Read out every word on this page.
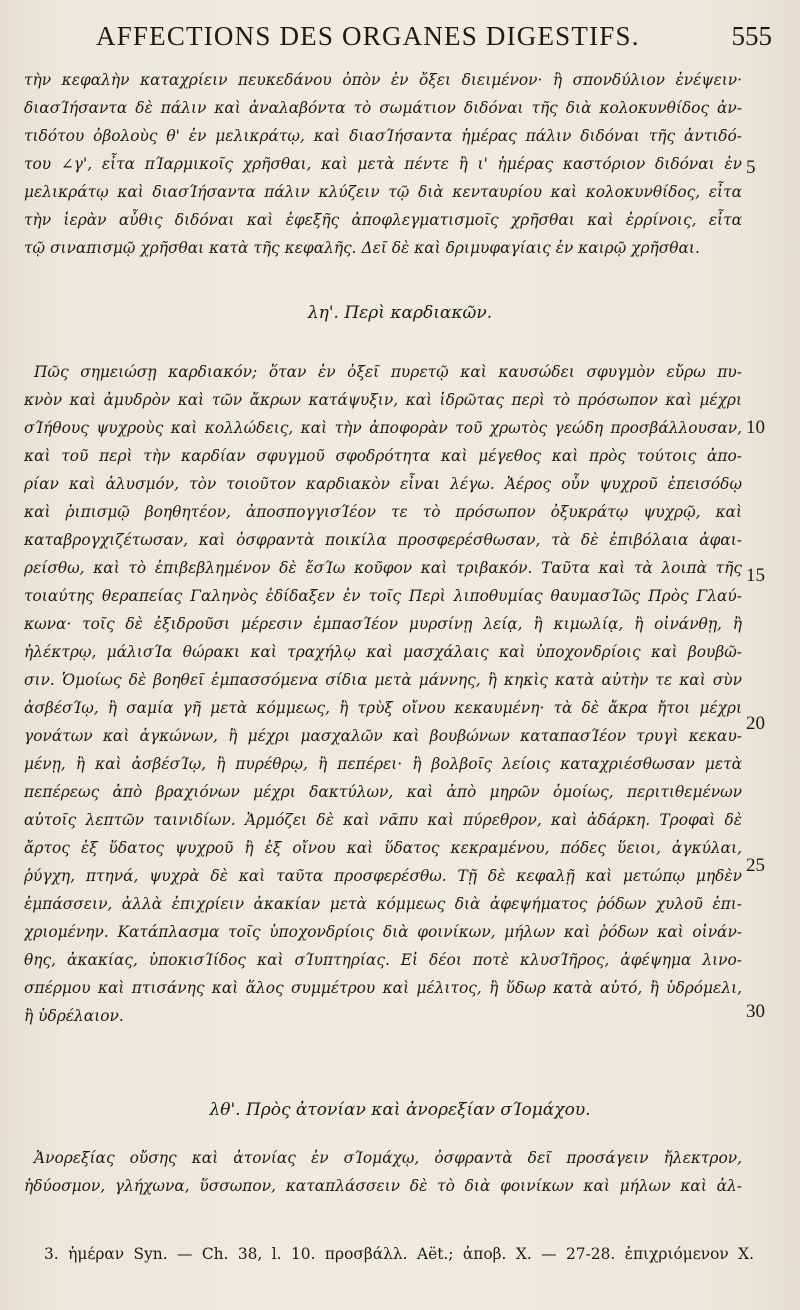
AFFECTIONS DES ORGANES DIGESTIFS.	555
τὴν κεφαλὴν καταχρίειν πευκεδάνου ὀπὸν ἐν ὄξει διειμένον· ἢ σπονδύλιον ἐνέψειν·
διασΊήσαντα δὲ πάλιν καὶ ἀναλαβόντα τὸ σωμάτιον διδόναι τῆς διὰ κολοκυνθίδος ἀν-
τιδότου ὀβολοὺς θ' ἐν μελικράτῳ, καὶ διασΊήσαντα ἡμέρας πάλιν διδόναι τῆς ἀντιδό-
του ∠γ', εἶτα πΊαρμικοῖς χρῆσθαι, καὶ μετὰ πέντε ἢ ι' ἡμέρας καστόριον διδόναι ἐν
μελικράτῳ καὶ διασΊήσαντα πάλιν κλύζειν τῷ διὰ κενταυρίου καὶ κολοκυνθίδος, εἶτα
τὴν ἱερὰν αὖθις διδόναι καὶ ἐφεξῆς ἀποφλεγματισμοῖς χρῆσθαι καὶ ἐρρίνοις, εἶτα
τῷ σιναπισμῷ χρῆσθαι κατὰ τῆς κεφαλῆς. Δεῖ δὲ καὶ δριμυφαγίαις ἐν καιρῷ χρῆσθαι.
λη'. Περὶ καρδιακῶν.
Πῶς σημειώσῃ καρδιακόν; ὅταν ἐν ὀξεῖ πυρετῷ καὶ καυσώδει σφυγμὸν εὔρω πυ-
κνὸν καὶ ἀμυδρὸν καὶ τῶν ἄκρων κατάψυξιν, καὶ ἱδρῶτας περὶ τὸ πρόσωπον καὶ μέχρι
σΊήθους ψυχροὺς καὶ κολλώδεις, καὶ τὴν ἀποφορὰν τοῦ χρωτὸς γεώδη προσβάλλουσαν,
καὶ τοῦ περὶ τὴν καρδίαν σφυγμοῦ σφοδρότητα καὶ μέγεθος καὶ πρὸς τούτοις ἀπο-
ρίαν καὶ ἀλυσμόν, τὸν τοιοῦτον καρδιακὸν εἶναι λέγω. Ἀέρος οὖν ψυχροῦ ἐπεισόδῳ
καὶ ῥιπισμῷ βοηθητέον, ἀποσπογγισΊέον τε τὸ πρόσωπον ὀξυκράτῳ ψυχρῷ, καὶ
καταβρογχιζέτωσαν, καὶ ὀσφραντὰ ποικίλα προσφερέσθωσαν, τὰ δὲ ἐπιβόλαια ἀφαι-
ρείσθω, καὶ τὸ ἐπιβεβλημένον δὲ ἔσΊω κοῦφον καὶ τριβακόν. Ταῦτα καὶ τὰ λοιπὰ τῆς
τοιαύτης θεραπείας Γαληνὸς ἐδίδαξεν ἐν τοῖς Περὶ λιποθυμίας θαυμασΊῶς Πρὸς Γλαύ-
κωνα· τοῖς δὲ ἐξιδροῦσι μέρεσιν ἐμπασΊέον μυρσίνῃ λείᾳ, ἢ κιμωλίᾳ, ἢ οἰνάνθῃ, ἢ
ἠλέκτρῳ, μάλισΊα θώρακι καὶ τραχήλῳ καὶ μασχάλαις καὶ ὑποχονδρίοις καὶ βουβῶ-
σιν. Ὁμοίως δὲ βοηθεῖ ἐμπασσόμενα σίδια μετὰ μάννης, ἢ κηκὶς κατὰ αὐτὴν τε καὶ σὺν
ἀσβέσΊῳ, ἢ σαμία γῆ μετὰ κόμμεως, ἢ τρὺξ οἴνου κεκαυμένη· τὰ δὲ ἄκρα ἤτοι μέχρι
γονάτων καὶ ἀγκώνων, ἢ μέχρι μασχαλῶν καὶ βουβώνων καταπασΊέον τρυγὶ κεκαυ-
μένῃ, ἢ καὶ ἀσβέσΊῳ, ἢ πυρέθρῳ, ἢ πεπέρει· ἢ βολβοῖς λείοις καταχριέσθωσαν μετὰ
πεπέρεως ἀπὸ βραχιόνων μέχρι δακτύλων, καὶ ἀπὸ μηρῶν ὁμοίως, περιτιθεμένων
αὐτοῖς λεπτῶν ταινιδίων. Ἁρμόζει δὲ καὶ νᾶπυ καὶ πύρεθρον, καὶ ἀδάρκη. Τροφαὶ δὲ
ἄρτος ἐξ ὕδατος ψυχροῦ ἢ ἐξ οἴνου καὶ ὕδατος κεκραμένου, πόδες ὕειοι, ἀγκύλαι,
ῥύγχη, πτηνά, ψυχρὰ δὲ καὶ ταῦτα προσφερέσθω. Τῇ δὲ κεφαλῇ καὶ μετώπῳ μηδὲν
ἐμπάσσειν, ἀλλὰ ἐπιχρίειν ἀκακίαν μετὰ κόμμεως διὰ ἀφεψήματος ῥόδων χυλοῦ ἐπι-
χριομένην. Κατάπλασμα τοῖς ὑποχονδρίοις διὰ φοινίκων, μήλων καὶ ῥόδων καὶ οἰνάν-
θης, ἀκακίας, ὑποκισΊίδος καὶ σΊυπτηρίας. Εἰ δέοι ποτὲ κλυσΊῆρος, ἀφέψημα λινο-
σπέρμου καὶ πτισάνης καὶ ἅλος συμμέτρου καὶ μέλιτος, ἢ ὕδωρ κατὰ αὐτό, ἢ ὑδρόμελι,
ἢ ὑδρέλαιον.
λθ'. Πρὸς ἀτονίαν καὶ ἀνορεξίαν σΊομάχου.
Ἀνορεξίας οὔσης καὶ ἀτονίας ἐν σΊομάχῳ, ὀσφραντὰ δεῖ προσάγειν ἤλεκτρον,
ἡδύοσμον, γλήχωνα, ὕσσωπον, καταπλάσσειν δὲ τὸ διὰ φοινίκων καὶ μήλων καὶ ἀλ-
5
10
15
20
25
30
3. ἡμέραν Syn. — Ch. 38, l. 10. προσβάλλ. Aët.; ἀποβ. X. — 27-28. ἐπιχριόμενον X.
